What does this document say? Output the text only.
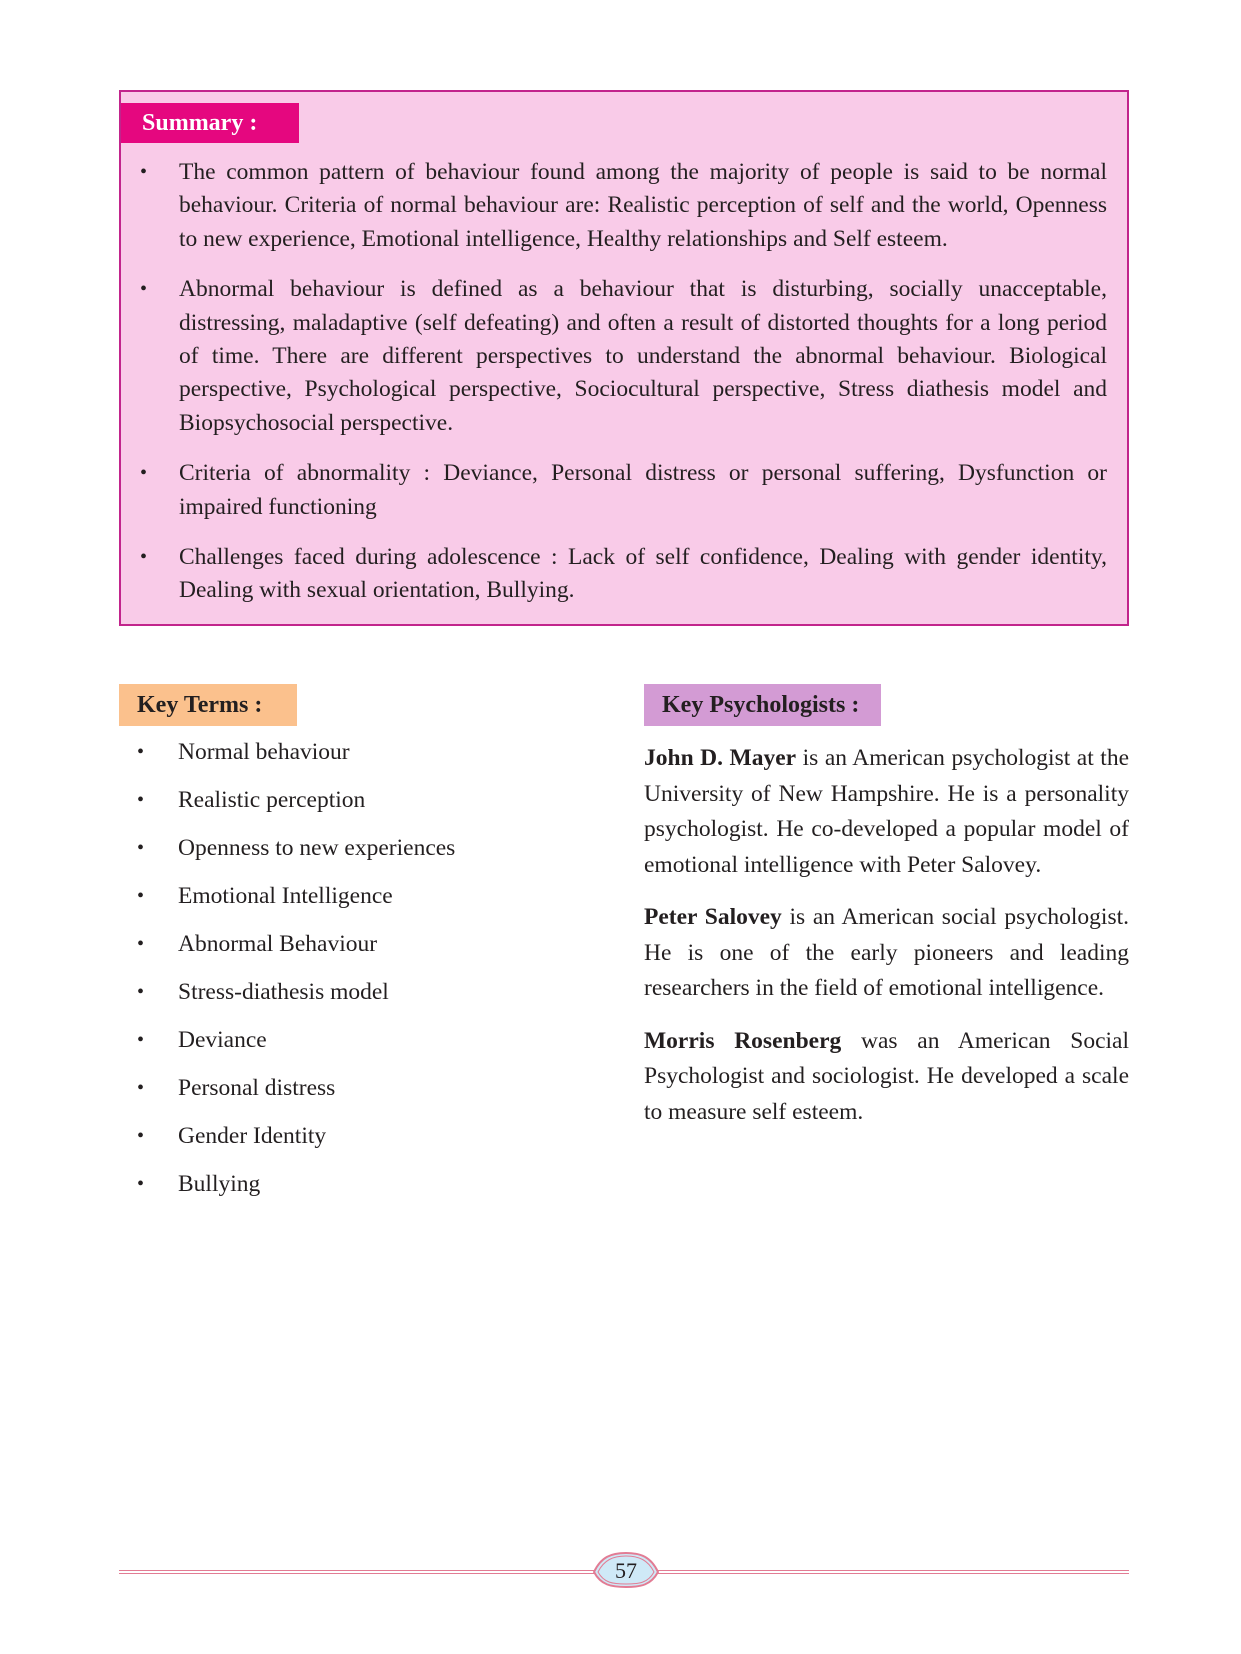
Summary :
• The common pattern of behaviour found among the majority of people is said to be normal behaviour. Criteria of normal behaviour are: Realistic perception of self and the world, Openness to new experience, Emotional intelligence, Healthy relationships and Self esteem.
• Abnormal behaviour is defined as a behaviour that is disturbing, socially unacceptable, distressing, maladaptive (self defeating) and often a result of distorted thoughts for a long period of time. There are different perspectives to understand the abnormal behaviour. Biological perspective, Psychological perspective, Sociocultural perspective, Stress diathesis model and Biopsychosocial perspective.
• Criteria of abnormality : Deviance, Personal distress or personal suffering, Dysfunction or impaired functioning
• Challenges faced during adolescence : Lack of self confidence, Dealing with gender identity, Dealing with sexual orientation, Bullying.
Key Terms :
• Normal behaviour
• Realistic perception
• Openness to new experiences
• Emotional Intelligence
• Abnormal Behaviour
• Stress-diathesis model
• Deviance
• Personal distress
• Gender Identity
• Bullying
Key Psychologists :

John D. Mayer is an American psychologist at the University of New Hampshire. He is a personality psychologist. He co-developed a popular model of emotional intelligence with Peter Salovey.

Peter Salovey is an American social psychologist. He is one of the early pioneers and leading researchers in the field of emotional intelligence.

Morris Rosenberg was an American Social Psychologist and sociologist. He developed a scale to measure self esteem.

57
